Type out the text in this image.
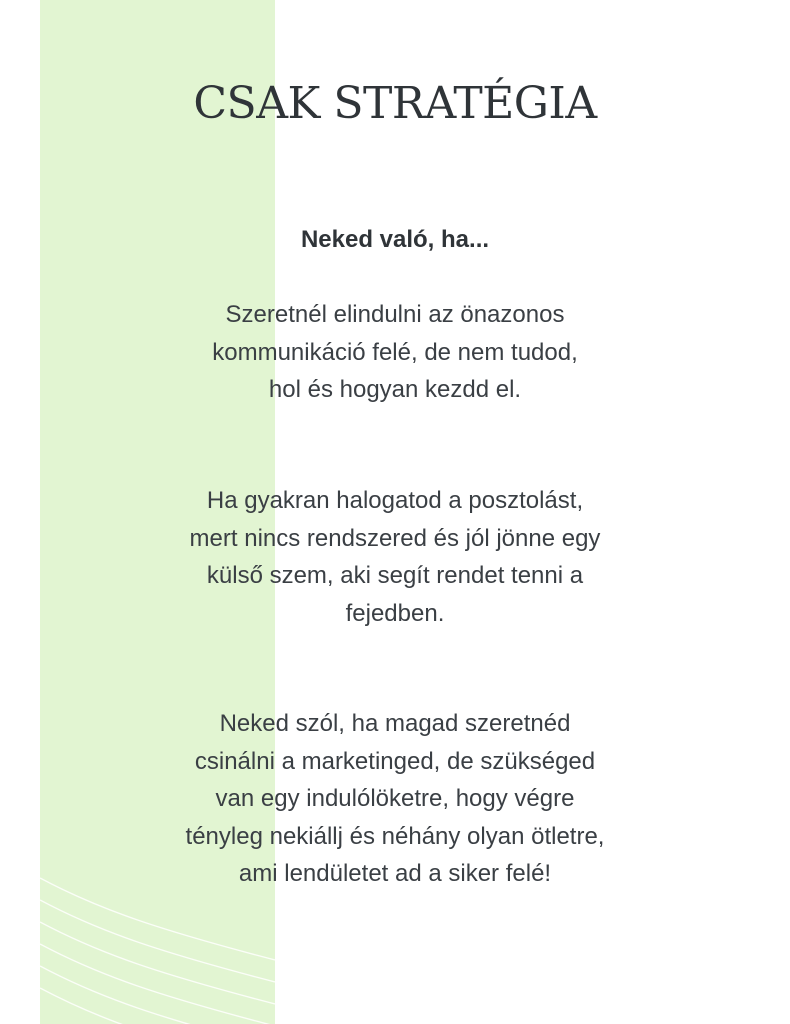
CSAK STRATÉGIA
Neked való, ha...
Szeretnél elindulni az önazonos
kommunikáció felé, de nem tudod,
hol és hogyan kezdd el.
Ha gyakran halogatod a posztolást,
mert nincs rendszered és jól jönne egy
külső szem, aki segít rendet tenni a
fejedben.
Neked szól, ha magad szeretnéd
csinálni a marketinged, de szükséged
van egy indulólöketre, hogy végre
tényleg nekiállj és néhány olyan ötletre,
ami lendületet ad a siker felé!
